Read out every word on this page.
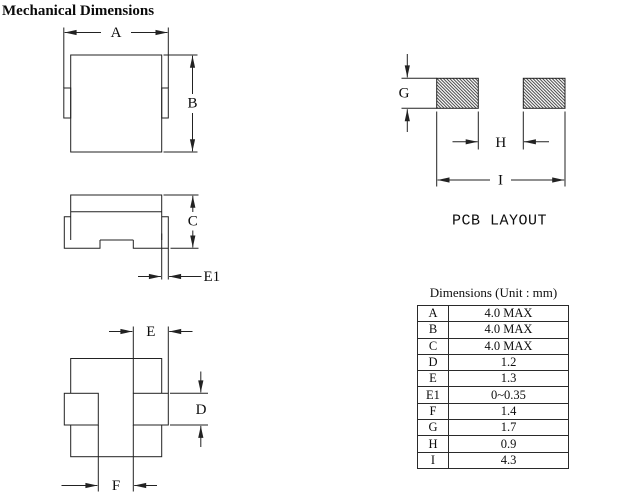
Mechanical Dimensions
A
B
C
E1
E
F
D
G
H
I
PCB LAYOUT
Dimensions (Unit : mm)
A	4.0 MAX
B	4.0 MAX
C	4.0 MAX
D	1.2
E	1.3
E1	0~0.35
F	1.4
G	1.7
H	0.9
I	4.3
